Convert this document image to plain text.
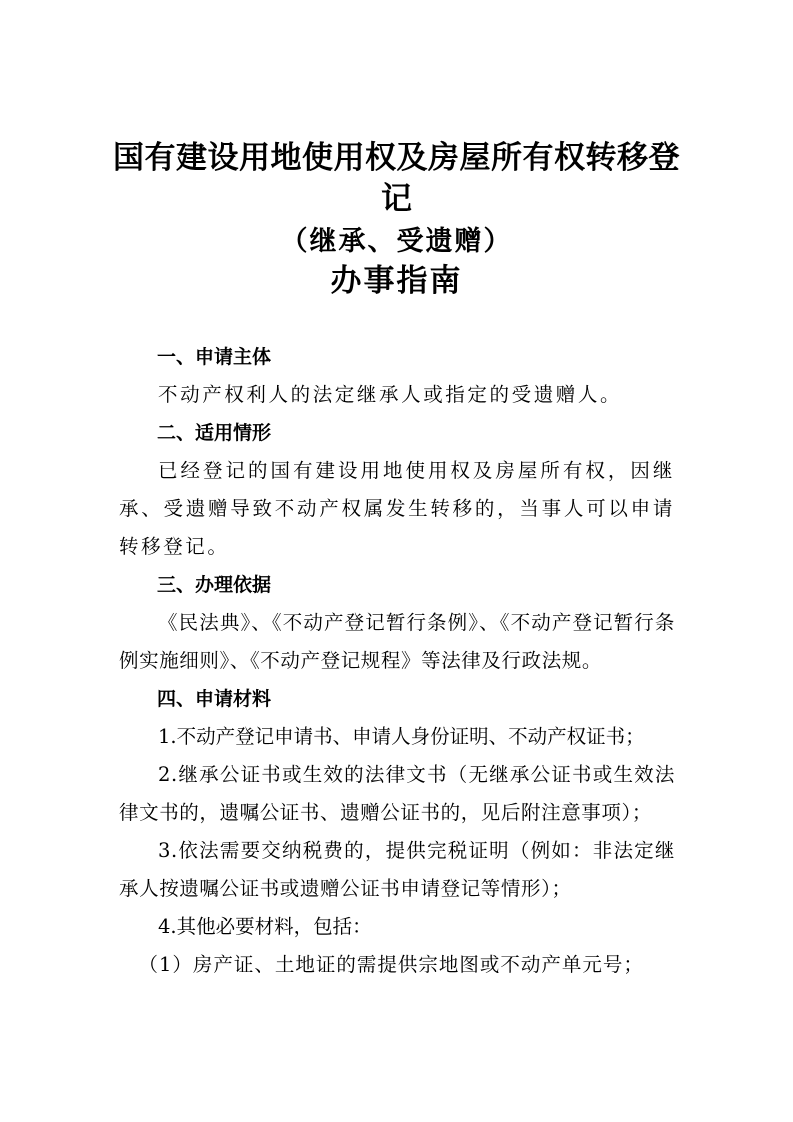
国有建设用地使用权及房屋所有权转移登
记
（继承、受遗赠）
办事指南

一、申请主体

不动产权利人的法定继承人或指定的受遗赠人。

二、适用情形

已经登记的国有建设用地使用权及房屋所有权，因继承、受遗赠导致不动产权属发生转移的，当事人可以申请转移登记。

三、办理依据

《民法典》、《不动产登记暂行条例》、《不动产登记暂行条例实施细则》、《不动产登记规程》等法律及行政法规。

四、申请材料

1.不动产登记申请书、申请人身份证明、不动产权证书；

2.继承公证书或生效的法律文书（无继承公证书或生效法律文书的，遗嘱公证书、遗赠公证书的，见后附注意事项）；

3.依法需要交纳税费的，提供完税证明（例如：非法定继承人按遗嘱公证书或遗赠公证书申请登记等情形）；

4.其他必要材料，包括：

（1）房产证、土地证的需提供宗地图或不动产单元号；
